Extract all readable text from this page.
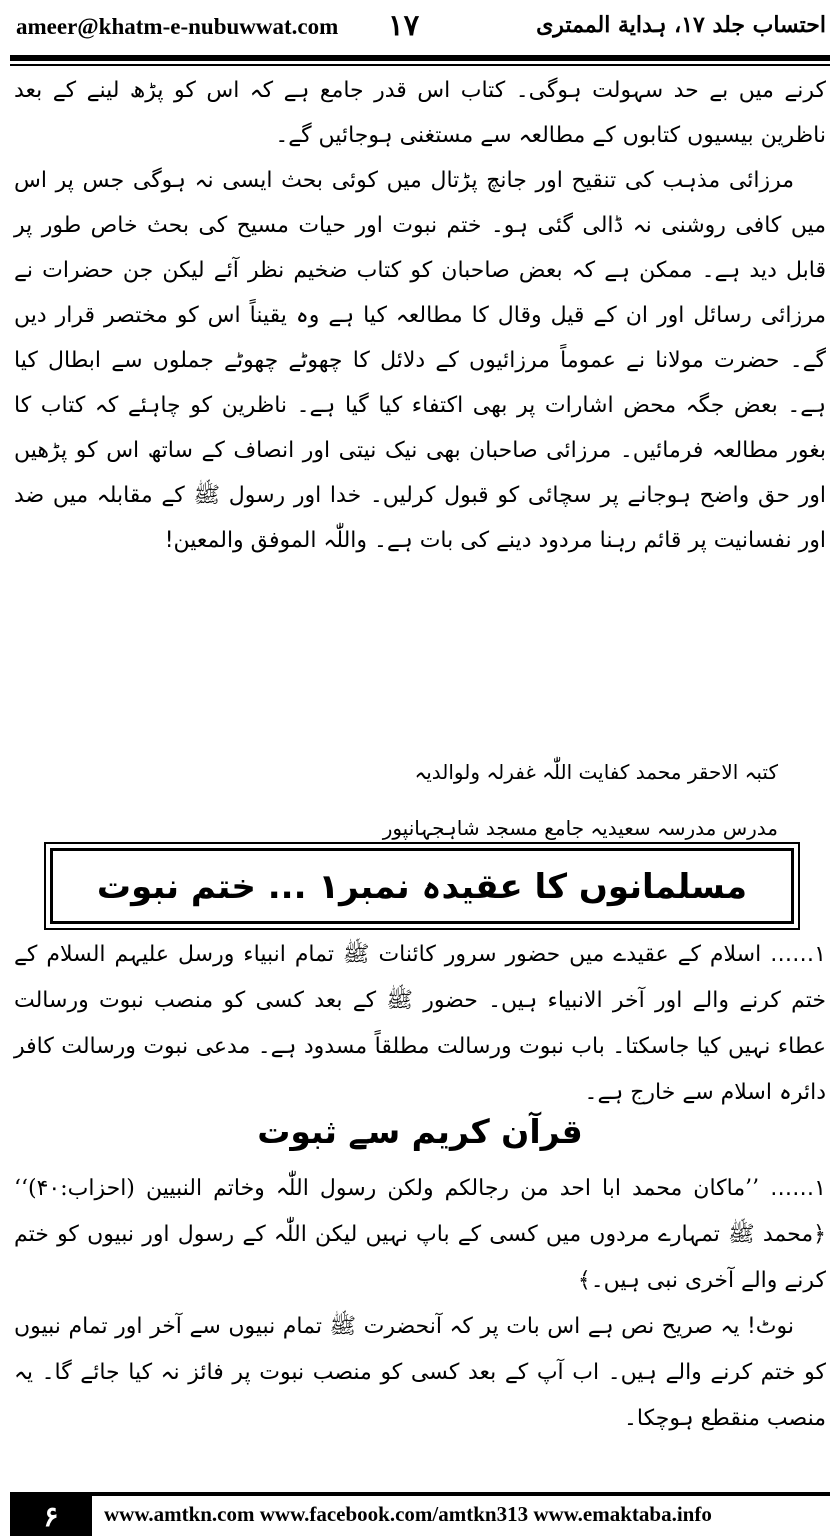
ameer@khatm-e-nubuwwat.com ۱۷	احتساب جلد ۱۷، ہدایة الممتری

کرنے میں بے حد سہولت ہوگی۔ کتاب اس قدر جامع ہے کہ اس کو پڑھ لینے کے بعد ناظرین بیسیوں کتابوں کے مطالعہ سے مستغنی ہوجائیں گے۔

مرزائی مذہب کی تنقیح اور جانچ پڑتال میں کوئی بحث ایسی نہ ہوگی جس پر اس میں کافی روشنی نہ ڈالی گئی ہو۔ ختم نبوت اور حیات مسیح کی بحث خاص طور پر قابل دید ہے۔ ممکن ہے کہ بعض صاحبان کو کتاب ضخیم نظر آئے لیکن جن حضرات نے مرزائی رسائل اور ان کے قیل وقال کا مطالعہ کیا ہے وہ یقیناً اس کو مختصر قرار دیں گے۔ حضرت مولانا نے عموماً مرزائیوں کے دلائل کا چھوٹے چھوٹے جملوں سے ابطال کیا ہے۔ بعض جگہ محض اشارات پر بھی اکتفاء کیا گیا ہے۔ ناظرین کو چاہئے کہ کتاب کا بغور مطالعہ فرمائیں۔ مرزائی صاحبان بھی نیک نیتی اور انصاف کے ساتھ اس کو پڑھیں اور حق واضح ہوجانے پر سچائی کو قبول کرلیں۔ خدا اور رسول ﷺ کے مقابلہ میں ضد اور نفسانیت پر قائم رہنا مردود دینے کی بات ہے۔ واللّٰہ الموفق والمعین!

کتبہ الاحقر محمد کفایت اللّٰہ غفرلہ ولوالدیہ

مدرس مدرسہ سعیدیہ جامع مسجد شاہجہانپور

مسلمانوں کا عقیدہ نمبر۱ ... ختم نبوت

۱…… اسلام کے عقیدے میں حضور سرور کائنات ﷺ تمام انبیاء ورسل علیہم السلام کے ختم کرنے والے اور آخر الانبیاء ہیں۔ حضور ﷺ کے بعد کسی کو منصب نبوت ورسالت عطاء نہیں کیا جاسکتا۔ باب نبوت ورسالت مطلقاً مسدود ہے۔ مدعی نبوت ورسالت کافر دائرہ اسلام سے خارج ہے۔

قرآن کریم سے ثبوت

۱…… ’’ماکان محمد ابا احد من رجالکم ولکن رسول اللّٰہ وخاتم النبیین (احزاب:۴۰)‘‘ ﴿محمد ﷺ تمہارے مردوں میں کسی کے باپ نہیں لیکن اللّٰہ کے رسول اور نبیوں کو ختم کرنے والے آخری نبی ہیں۔﴾

نوٹ! یہ صریح نص ہے اس بات پر کہ آنحضرت ﷺ تمام نبیوں سے آخر اور تمام نبیوں کو ختم کرنے والے ہیں۔ اب آپ کے بعد کسی کو منصب نبوت پر فائز نہ کیا جائے گا۔ یہ منصب منقطع ہوچکا۔

۶	www.amtkn.com www.facebook.com/amtkn313 www.emaktaba.info
